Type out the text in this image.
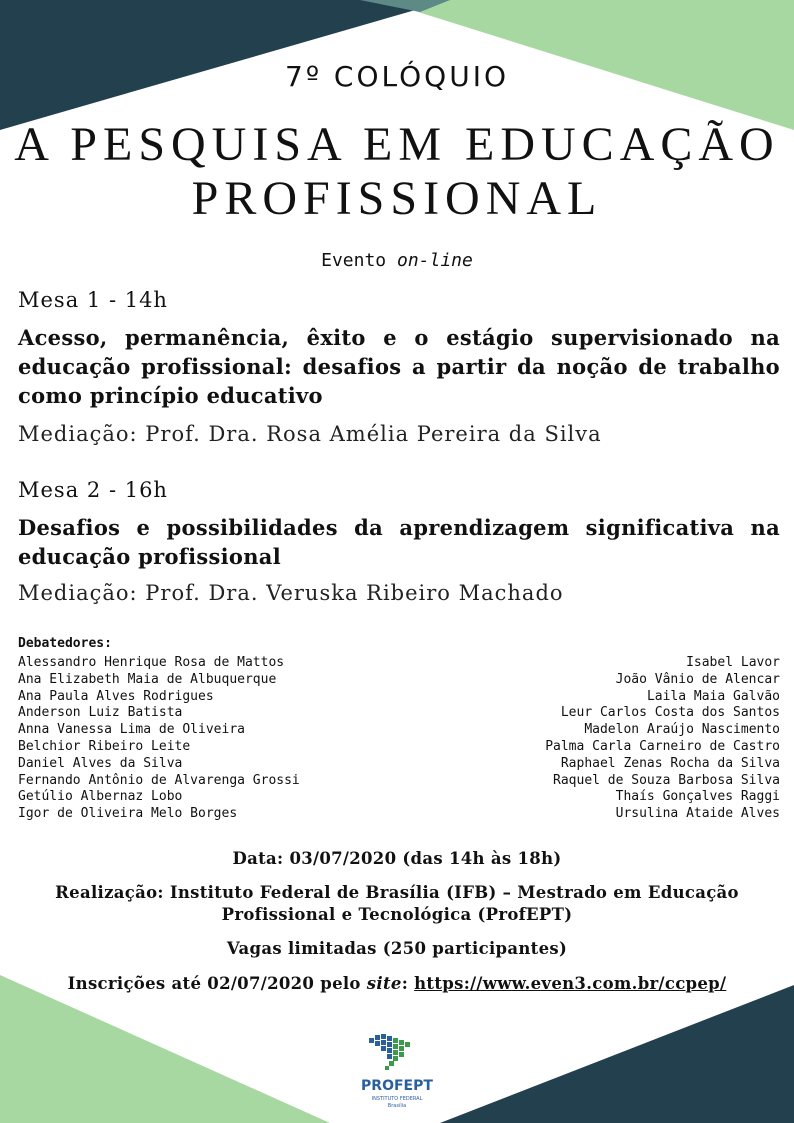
7º COLÓQUIO
A PESQUISA EM EDUCAÇÃO
PROFISSIONAL
Evento on-line
Mesa 1 - 14h
Acesso, permanência, êxito e o estágio supervisionado na educação profissional: desafios a partir da noção de trabalho como princípio educativo
Mediação: Prof. Dra. Rosa Amélia Pereira da Silva
Mesa 2 - 16h
Desafios e possibilidades da aprendizagem significativa na educação profissional
Mediação: Prof. Dra. Veruska Ribeiro Machado
Debatedores:
Alessandro Henrique Rosa de Mattos
Ana Elizabeth Maia de Albuquerque
Ana Paula Alves Rodrigues
Anderson Luiz Batista
Anna Vanessa Lima de Oliveira
Belchior Ribeiro Leite
Daniel Alves da Silva
Fernando Antônio de Alvarenga Grossi
Getúlio Albernaz Lobo
Igor de Oliveira Melo Borges
Isabel Lavor
João Vânio de Alencar
Laila Maia Galvão
Leur Carlos Costa dos Santos
Madelon Araújo Nascimento
Palma Carla Carneiro de Castro
Raphael Zenas Rocha da Silva
Raquel de Souza Barbosa Silva
Thaís Gonçalves Raggi
Ursulina Ataide Alves
Data: 03/07/2020 (das 14h às 18h)
Realização: Instituto Federal de Brasília (IFB) – Mestrado em Educação
Profissional e Tecnológica (ProfEPT)
Vagas limitadas (250 participantes)
Inscrições até 02/07/2020 pelo site: https://www.even3.com.br/ccpep/
PROFEPT
INSTITUTO FEDERAL
Brasília
